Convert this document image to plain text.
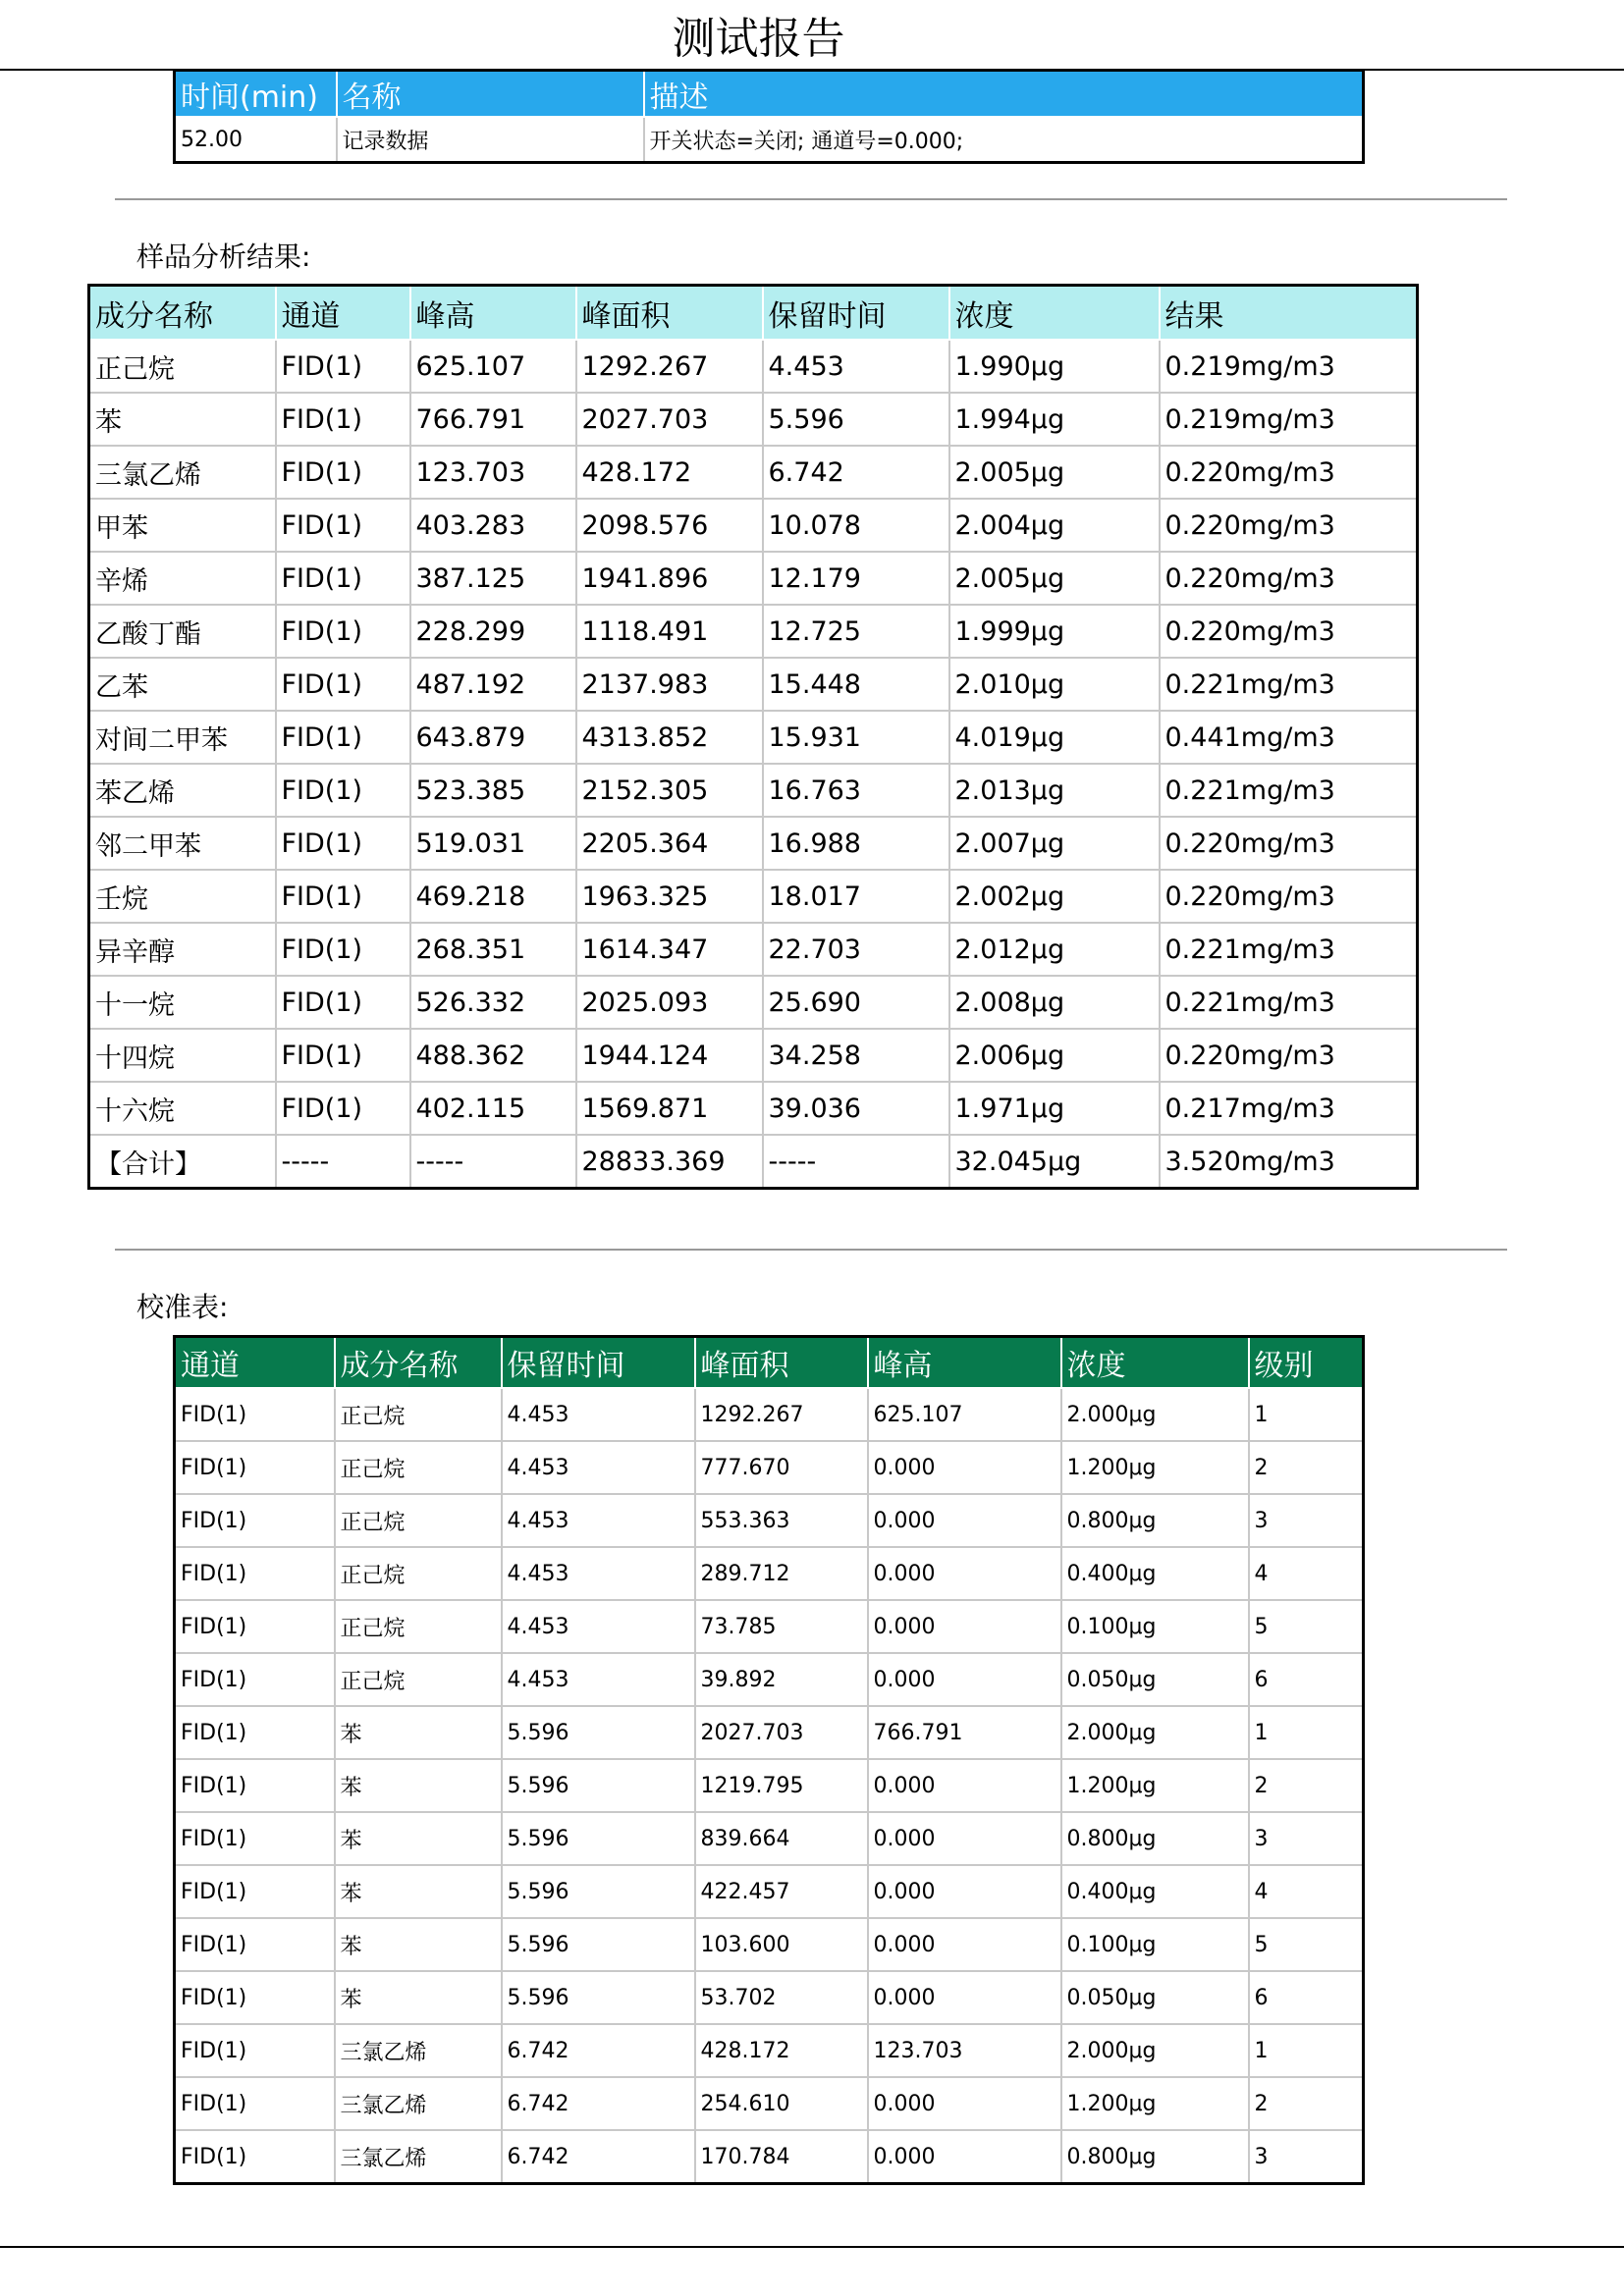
测试报告
时间(min)	名称	描述
52.00	记录数据	开关状态=关闭; 通道号=0.000;
样品分析结果:
成分名称	通道	峰高	峰面积	保留时间	浓度	结果
正己烷	FID(1)	625.107	1292.267	4.453	1.990μg	0.219mg/m3
苯	FID(1)	766.791	2027.703	5.596	1.994μg	0.219mg/m3
三氯乙烯	FID(1)	123.703	428.172	6.742	2.005μg	0.220mg/m3
甲苯	FID(1)	403.283	2098.576	10.078	2.004μg	0.220mg/m3
辛烯	FID(1)	387.125	1941.896	12.179	2.005μg	0.220mg/m3
乙酸丁酯	FID(1)	228.299	1118.491	12.725	1.999μg	0.220mg/m3
乙苯	FID(1)	487.192	2137.983	15.448	2.010μg	0.221mg/m3
对间二甲苯	FID(1)	643.879	4313.852	15.931	4.019μg	0.441mg/m3
苯乙烯	FID(1)	523.385	2152.305	16.763	2.013μg	0.221mg/m3
邻二甲苯	FID(1)	519.031	2205.364	16.988	2.007μg	0.220mg/m3
壬烷	FID(1)	469.218	1963.325	18.017	2.002μg	0.220mg/m3
异辛醇	FID(1)	268.351	1614.347	22.703	2.012μg	0.221mg/m3
十一烷	FID(1)	526.332	2025.093	25.690	2.008μg	0.221mg/m3
十四烷	FID(1)	488.362	1944.124	34.258	2.006μg	0.220mg/m3
十六烷	FID(1)	402.115	1569.871	39.036	1.971μg	0.217mg/m3
【合计】	-----	-----	28833.369	-----	32.045μg	3.520mg/m3
校准表:
通道	成分名称	保留时间	峰面积	峰高	浓度	级别
FID(1)	正己烷	4.453	1292.267	625.107	2.000μg	1
FID(1)	正己烷	4.453	777.670	0.000	1.200μg	2
FID(1)	正己烷	4.453	553.363	0.000	0.800μg	3
FID(1)	正己烷	4.453	289.712	0.000	0.400μg	4
FID(1)	正己烷	4.453	73.785	0.000	0.100μg	5
FID(1)	正己烷	4.453	39.892	0.000	0.050μg	6
FID(1)	苯	5.596	2027.703	766.791	2.000μg	1
FID(1)	苯	5.596	1219.795	0.000	1.200μg	2
FID(1)	苯	5.596	839.664	0.000	0.800μg	3
FID(1)	苯	5.596	422.457	0.000	0.400μg	4
FID(1)	苯	5.596	103.600	0.000	0.100μg	5
FID(1)	苯	5.596	53.702	0.000	0.050μg	6
FID(1)	三氯乙烯	6.742	428.172	123.703	2.000μg	1
FID(1)	三氯乙烯	6.742	254.610	0.000	1.200μg	2
FID(1)	三氯乙烯	6.742	170.784	0.000	0.800μg	3
